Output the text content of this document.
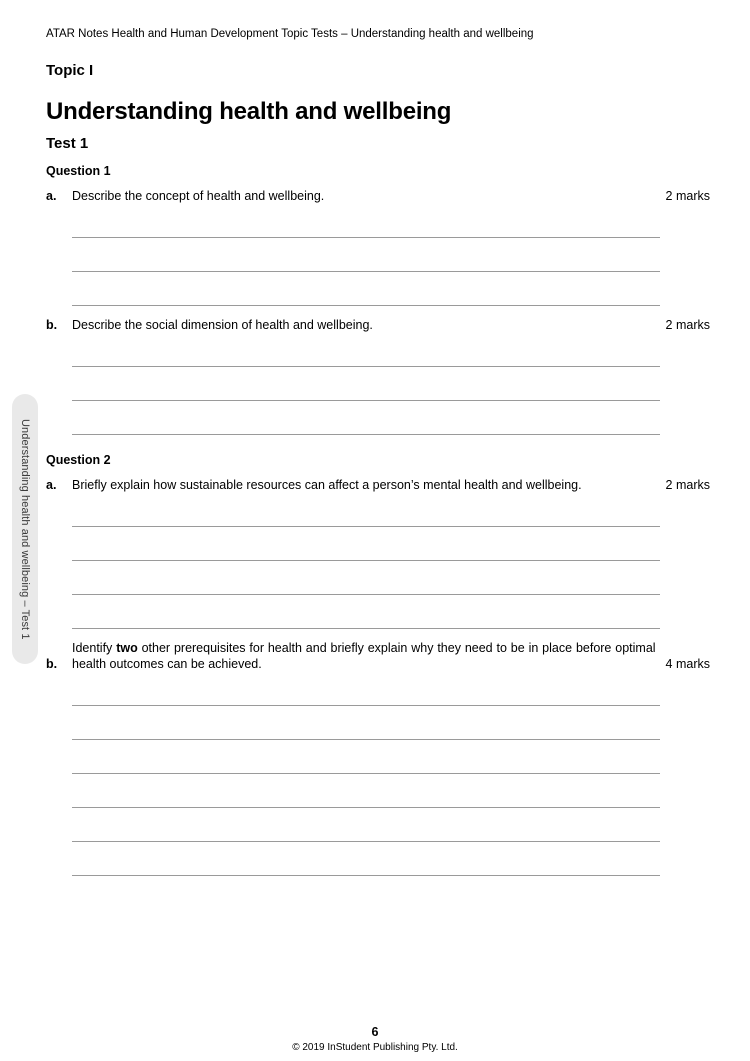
ATAR Notes Health and Human Development Topic Tests – Understanding health and wellbeing
Topic I
Understanding health and wellbeing
Test 1
Question 1
a.	Describe the concept of health and wellbeing.	2 marks
b.	Describe the social dimension of health and wellbeing.	2 marks
Question 2
a.	Briefly explain how sustainable resources can affect a person’s mental health and wellbeing.	2 marks
b.
Identify two other prerequisites for health and briefly explain why they need to be in place before optimal health outcomes can be achieved.	4 marks
Understanding health and wellbeing – Test 1
6
© 2019 InStudent Publishing Pty. Ltd.
